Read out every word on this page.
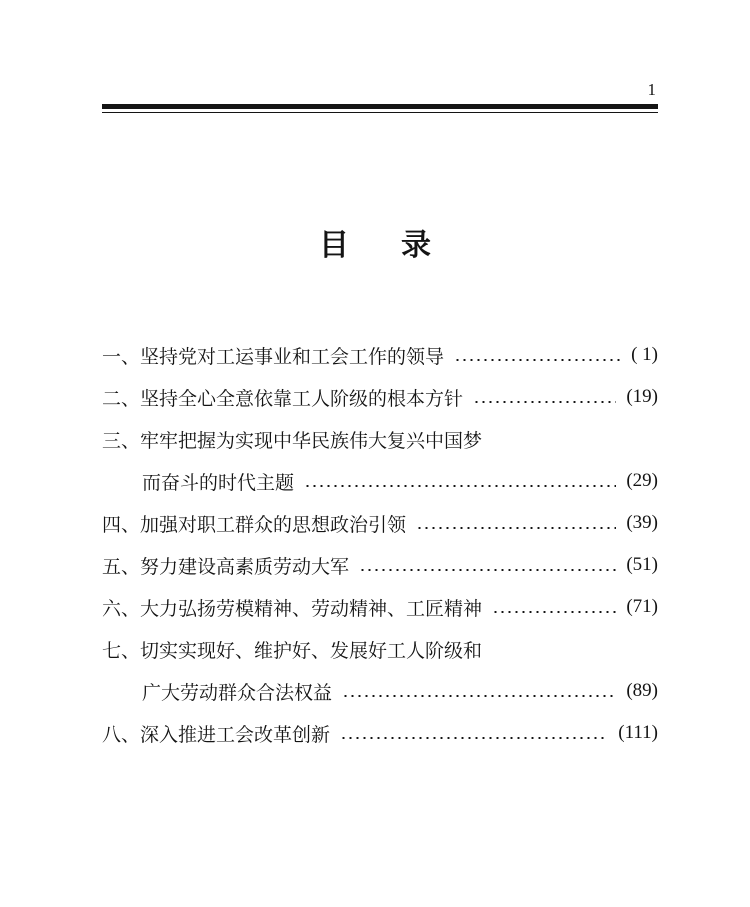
1
目录
一、 坚持党对工运事业和工会工作的领导	( 1)
二、 坚持全心全意依靠工人阶级的根本方针	(19)
三、 牢牢把握为实现中华民族伟大复兴中国梦
而奋斗的时代主题	(29)
四、 加强对职工群众的思想政治引领	(39)
五、 努力建设高素质劳动大军	(51)
六、 大力弘扬劳模精神、劳动精神、工匠精神	(71)
七、 切实实现好、维护好、发展好工人阶级和
广大劳动群众合法权益	(89)
八、 深入推进工会改革创新	(111)
